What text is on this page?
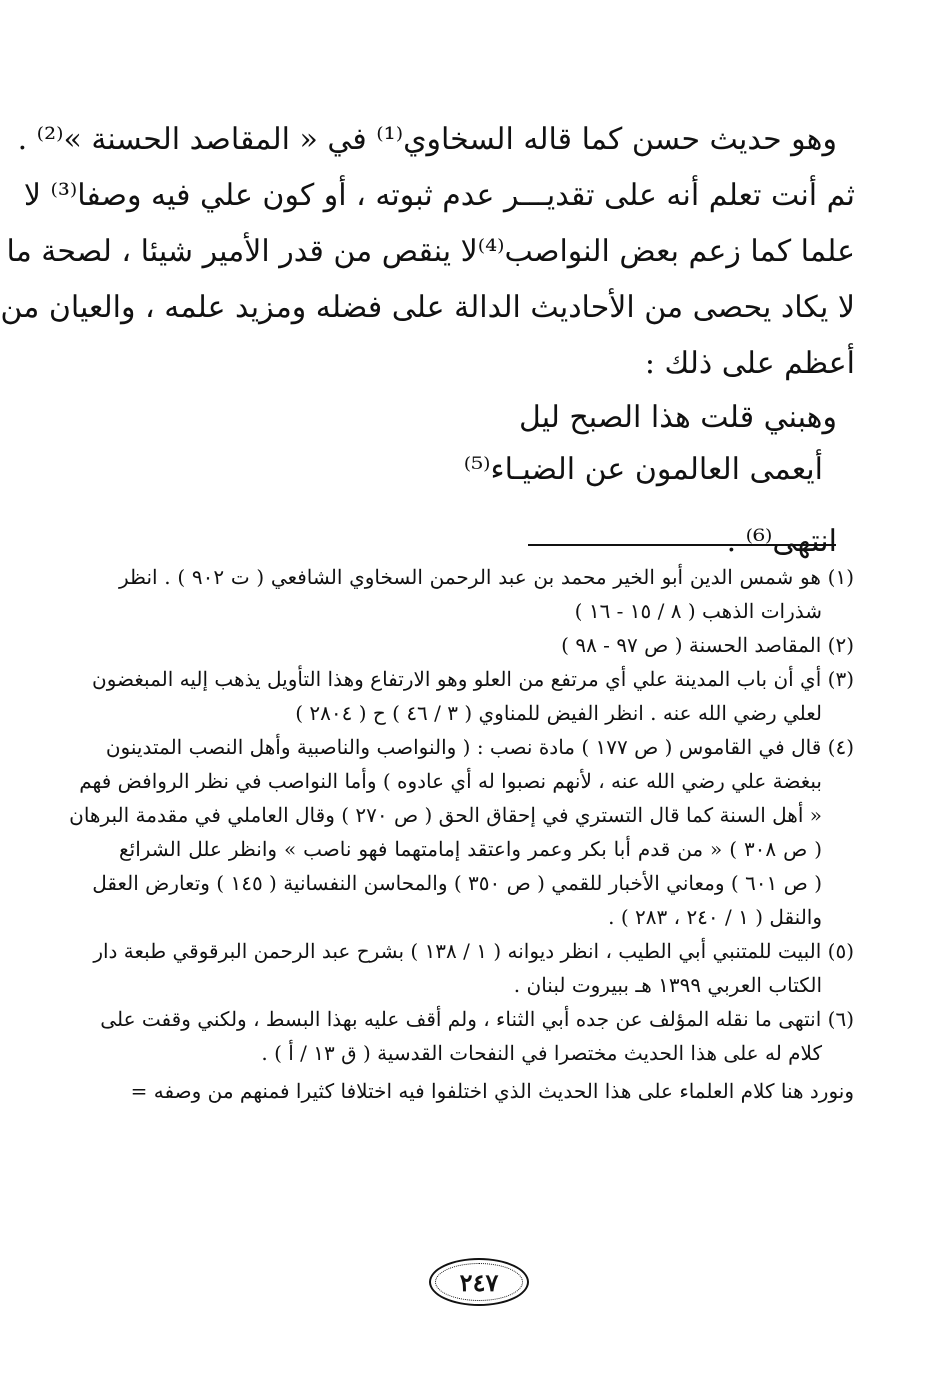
وهو حديث حسن كما قاله السخاوي⁽¹⁾ في « المقاصد الحسنة »⁽²⁾ .
ثم أنت تعلم أنه على تقديـــر عدم ثبوته ، أو كون علي فيه وصفا⁽³⁾ لا
علما كما زعم بعض النواصب⁽⁴⁾لا ينقص من قدر الأمير شيئا ، لصحة ما
لا يكاد يحصى من الأحاديث الدالة على فضله ومزيد علمه ، والعيان من
أعظم على ذلك :
وهبني قلت هذا الصبح ليل
أيعمى العالمون عن الضيـاء⁽⁵⁾
انتهى⁽⁶⁾ .
(١) هو شمس الدين أبو الخير محمد بن عبد الرحمن السخاوي الشافعي ( ت ٩٠٢ ) . انظر
شذرات الذهب ( ٨ / ١٥ - ١٦ )
(٢) المقاصد الحسنة ( ص ٩٧ - ٩٨ )
(٣) أي أن باب المدينة علي أي مرتفع من العلو وهو الارتفاع وهذا التأويل يذهب إليه المبغضون
لعلي رضي الله عنه . انظر الفيض للمناوي ( ٣ / ٤٦ ) ح ( ٢٨٠٤ )
(٤) قال في القاموس ( ص ١٧٧ ) مادة نصب : ( والنواصب والناصبية وأهل النصب المتدينون
ببغضة علي رضي الله عنه ، لأنهم نصبوا له أي عادوه ) وأما النواصب في نظر الروافض فهم
« أهل السنة كما قال التستري في إحقاق الحق ( ص ٢٧٠ ) وقال العاملي في مقدمة البرهان
( ص ٣٠٨ ) « من قدم أبا بكر وعمر واعتقد إمامتهما فهو ناصب » وانظر علل الشرائع
( ص ٦٠١ ) ومعاني الأخبار للقمي ( ص ٣٥٠ ) والمحاسن النفسانية ( ١٤٥ ) وتعارض العقل
والنقل ( ١ / ٢٤٠ ، ٢٨٣ ) .
(٥) البيت للمتنبي أبي الطيب ، انظر ديوانه ( ١ / ١٣٨ ) بشرح عبد الرحمن البرقوقي طبعة دار
الكتاب العربي ١٣٩٩ هـ ببيروت لبنان .
(٦) انتهى ما نقله المؤلف عن جده أبي الثناء ، ولم أقف عليه بهذا البسط ، ولكني وقفت على
كلام له على هذا الحديث مختصرا في النفحات القدسية ( ق ١٣ / أ ) .
ونورد هنا كلام العلماء على هذا الحديث الذي اختلفوا فيه اختلافا كثيرا فمنهم من وصفه =
٢٤٧
